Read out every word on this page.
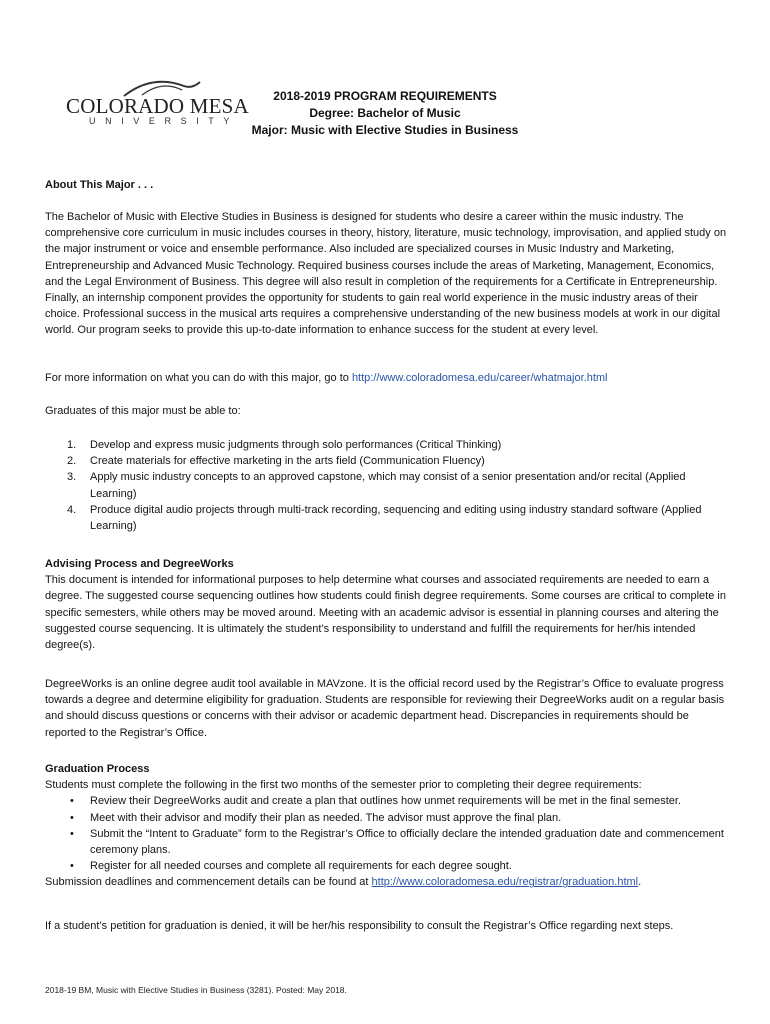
COLORADO MESA
UNIVERSITY
2018-2019 PROGRAM REQUIREMENTS
Degree: Bachelor of Music
Major: Music with Elective Studies in Business

About This Major . . .

The Bachelor of Music with Elective Studies in Business is designed for students who desire a career within the music industry. The comprehensive core curriculum in music includes courses in theory, history, literature, music technology, improvisation, and applied study on the major instrument or voice and ensemble performance. Also included are specialized courses in Music Industry and Marketing, Entrepreneurship and Advanced Music Technology. Required business courses include the areas of Marketing, Management, Economics, and the Legal Environment of Business. This degree will also result in completion of the requirements for a Certificate in Entrepreneurship. Finally, an internship component provides the opportunity for students to gain real world experience in the music industry areas of their choice. Professional success in the musical arts requires a comprehensive understanding of the new business models at work in our digital world. Our program seeks to provide this up-to-date information to enhance success for the student at every level.

For more information on what you can do with this major, go to http://www.coloradomesa.edu/career/whatmajor.html

Graduates of this major must be able to:

1. Develop and express music judgments through solo performances (Critical Thinking)
2. Create materials for effective marketing in the arts field (Communication Fluency)
3. Apply music industry concepts to an approved capstone, which may consist of a senior presentation and/or recital (Applied Learning)
4. Produce digital audio projects through multi-track recording, sequencing and editing using industry standard software (Applied Learning)

Advising Process and DegreeWorks

This document is intended for informational purposes to help determine what courses and associated requirements are needed to earn a degree. The suggested course sequencing outlines how students could finish degree requirements. Some courses are critical to complete in specific semesters, while others may be moved around. Meeting with an academic advisor is essential in planning courses and altering the suggested course sequencing. It is ultimately the student’s responsibility to understand and fulfill the requirements for her/his intended degree(s).

DegreeWorks is an online degree audit tool available in MAVzone. It is the official record used by the Registrar’s Office to evaluate progress towards a degree and determine eligibility for graduation. Students are responsible for reviewing their DegreeWorks audit on a regular basis and should discuss questions or concerns with their advisor or academic department head. Discrepancies in requirements should be reported to the Registrar’s Office.

Graduation Process

Students must complete the following in the first two months of the semester prior to completing their degree requirements:

• Review their DegreeWorks audit and create a plan that outlines how unmet requirements will be met in the final semester.
• Meet with their advisor and modify their plan as needed. The advisor must approve the final plan.
• Submit the “Intent to Graduate” form to the Registrar’s Office to officially declare the intended graduation date and commencement ceremony plans.
• Register for all needed courses and complete all requirements for each degree sought.

Submission deadlines and commencement details can be found at http://www.coloradomesa.edu/registrar/graduation.html.

If a student’s petition for graduation is denied, it will be her/his responsibility to consult the Registrar’s Office regarding next steps.

2018-19 BM, Music with Elective Studies in Business (3281). Posted: May 2018.
